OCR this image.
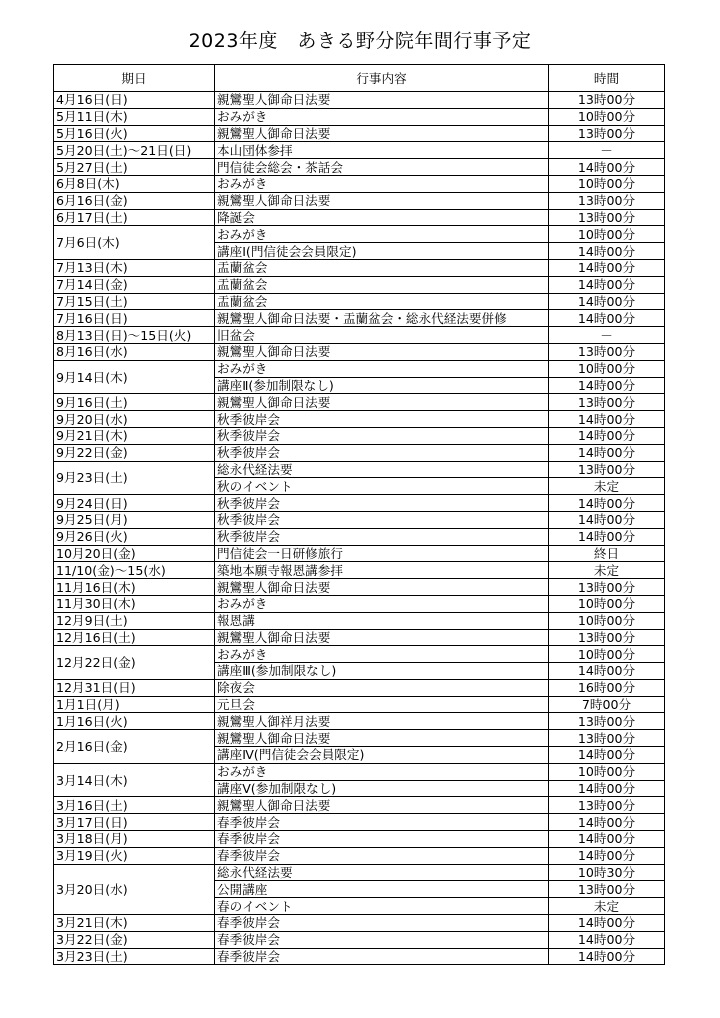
2023年度　あきる野分院年間行事予定
期日	行事内容	時間
4月16日(日)	親鸞聖人御命日法要	13時00分
5月11日(木)	おみがき	10時00分
5月16日(火)	親鸞聖人御命日法要	13時00分
5月20日(土)～21日(日)	本山団体参拝	－
5月27日(土)	門信徒会総会・茶話会	14時00分
6月8日(木)	おみがき	10時00分
6月16日(金)	親鸞聖人御命日法要	13時00分
6月17日(土)	降誕会	13時00分
7月6日(木)	おみがき	10時00分
	講座Ⅰ(門信徒会会員限定)	14時00分
7月13日(木)	盂蘭盆会	14時00分
7月14日(金)	盂蘭盆会	14時00分
7月15日(土)	盂蘭盆会	14時00分
7月16日(日)	親鸞聖人御命日法要・盂蘭盆会・総永代経法要併修	14時00分
8月13日(日)～15日(火)	旧盆会	－
8月16日(水)	親鸞聖人御命日法要	13時00分
9月14日(木)	おみがき	10時00分
	講座Ⅱ(参加制限なし)	14時00分
9月16日(土)	親鸞聖人御命日法要	13時00分
9月20日(水)	秋季彼岸会	14時00分
9月21日(木)	秋季彼岸会	14時00分
9月22日(金)	秋季彼岸会	14時00分
9月23日(土)	総永代経法要	13時00分
	秋のイベント	未定
9月24日(日)	秋季彼岸会	14時00分
9月25日(月)	秋季彼岸会	14時00分
9月26日(火)	秋季彼岸会	14時00分
10月20日(金)	門信徒会一日研修旅行	終日
11/10(金)～15(水)	築地本願寺報恩講参拝	未定
11月16日(木)	親鸞聖人御命日法要	13時00分
11月30日(木)	おみがき	10時00分
12月9日(土)	報恩講	10時00分
12月16日(土)	親鸞聖人御命日法要	13時00分
12月22日(金)	おみがき	10時00分
	講座Ⅲ(参加制限なし)	14時00分
12月31日(日)	除夜会	16時00分
1月1日(月)	元旦会	7時00分
1月16日(火)	親鸞聖人御祥月法要	13時00分
2月16日(金)	親鸞聖人御命日法要	13時00分
	講座Ⅳ(門信徒会会員限定)	14時00分
3月14日(木)	おみがき	10時00分
	講座Ⅴ(参加制限なし)	14時00分
3月16日(土)	親鸞聖人御命日法要	13時00分
3月17日(日)	春季彼岸会	14時00分
3月18日(月)	春季彼岸会	14時00分
3月19日(火)	春季彼岸会	14時00分
3月20日(水)	総永代経法要	10時30分
	公開講座	13時00分
	春のイベント	未定
3月21日(木)	春季彼岸会	14時00分
3月22日(金)	春季彼岸会	14時00分
3月23日(土)	春季彼岸会	14時00分
